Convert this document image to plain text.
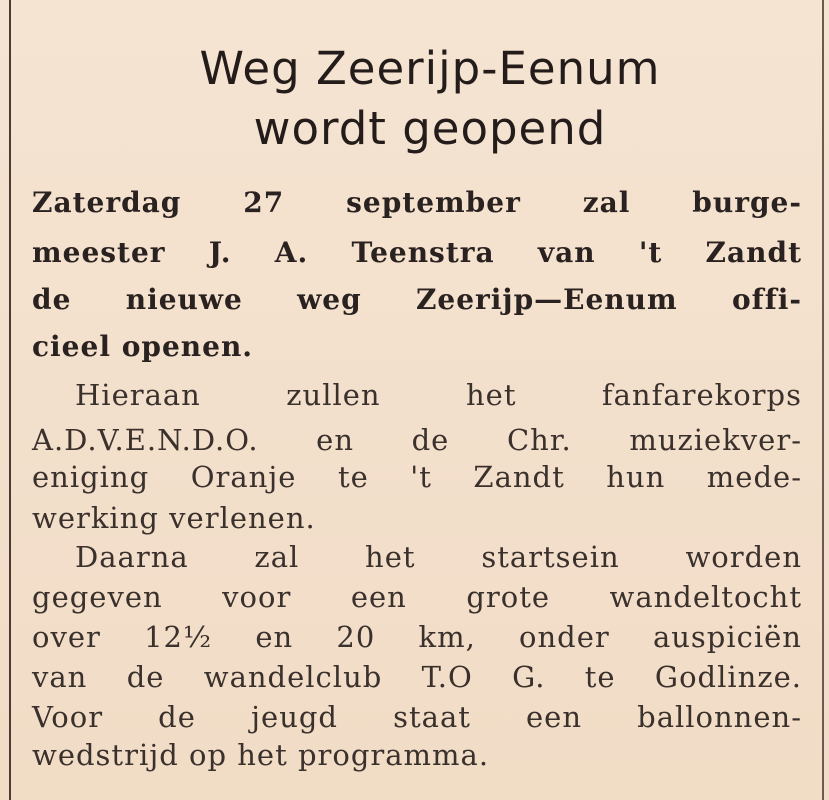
Weg Zeerijp-Eenum
wordt geopend
Zaterdag 27 september zal burge-
meester J. A. Teenstra van 't Zandt
de nieuwe weg Zeerijp—Eenum offi-
cieel openen.
Hieraan zullen het fanfarekorps
A.D.V.E.N.D.O. en de Chr. muziekver-
eniging Oranje te 't Zandt hun mede-
werking verlenen.
Daarna zal het startsein worden
gegeven voor een grote wandeltocht
over 12½ en 20 km, onder auspiciën
van de wandelclub T.O G. te Godlinze.
Voor de jeugd staat een ballonnen-
wedstrijd op het programma.
